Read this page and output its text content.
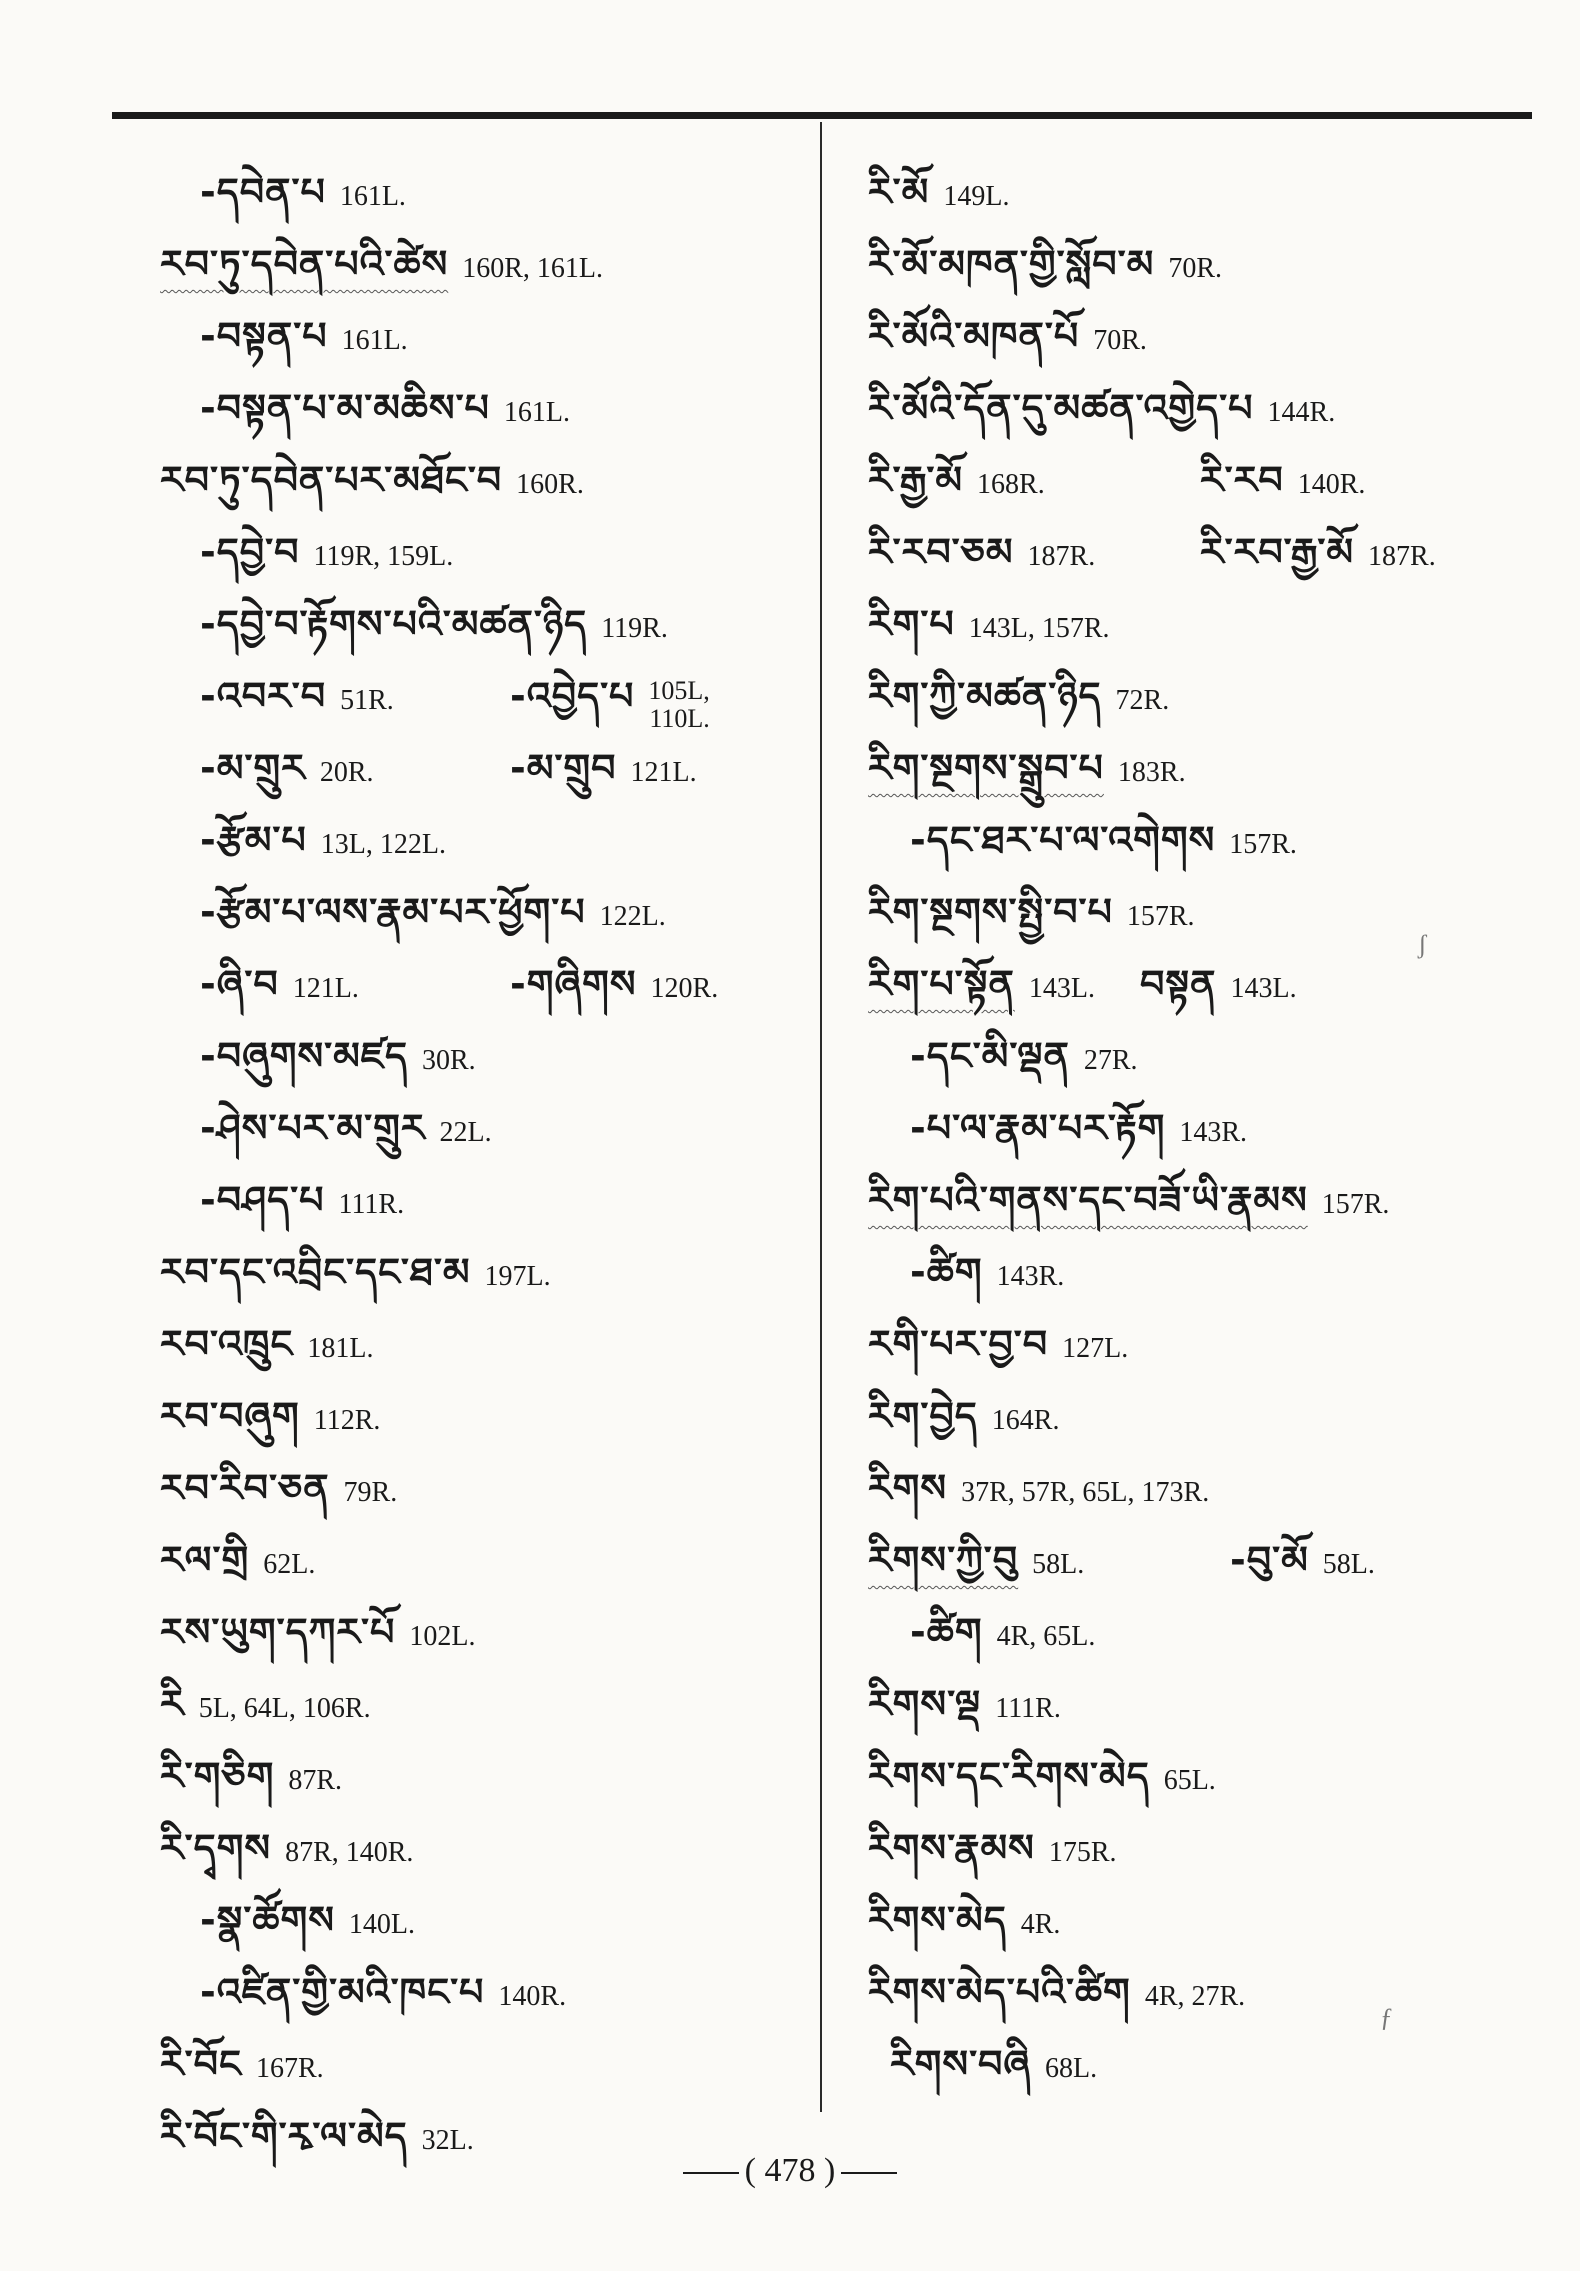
-དབེན་པ 161L.
རབ་ཏུ་དབེན་པའི་ཚེས 160R, 161L.
-བསྟན་པ 161L.
-བསྟན་པ་མ་མཆིས་པ 161L.
རབ་ཏུ་དབེན་པར་མཐོང་བ 160R.
-དབྱེ་བ 119R, 159L.
-དབྱེ་བ་རྟོགས་པའི་མཚན་ཉིད 119R.
-འབར་བ 51R.	-འབྱེད་པ 105L,
110L.
-མ་གྲུར 20R.	-མ་གྲུབ 121L.
-རྩོམ་པ 13L, 122L.
-རྩོམ་པ་ལས་རྣམ་པར་ཕྱོག་པ 122L.
-ཞི་བ 121L.	-གཞིགས 120R.
-བཞུགས་མཛད 30R.
-ཤེས་པར་མ་གྲུར 22L.
-བཤད་པ 111R.
རབ་དང་འབྲིང་དང་ཐ་མ 197L.
རབ་འཁྲུང 181L.
རབ་བཞུག 112R.
རབ་རིབ་ཅན 79R.
རལ་གྲི 62L.
རས་ཡུག་དཀར་པོ 102L.
རི 5L, 64L, 106R.
རི་གཅིག 87R.
རི་དྭགས 87R, 140R.
-སྣ་ཚོགས 140L.
-འཛིན་གྱི་མའི་ཁང་པ 140R.
རི་བོང 167R.
རི་བོང་གི་རྭ་ལ་མེད 32L.
རི་མོ 149L.
རི་མོ་མཁན་གྱི་སློབ་མ 70R.
རི་མོའི་མཁན་པོ 70R.
རི་མོའི་དོན་དུ་མཚན་འགྱེད་པ 144R.
རི་རྒྱ་མོ 168R.	རི་རབ 140R.
རི་རབ་ཅམ 187R.	རི་རབ་རྒྱ་མོ 187R.
རིག་པ 143L, 157R.
རིག་ཀྱི་མཚན་ཉིད 72R.
རིག་སྔགས་སྒྲུབ་པ 183R.
-དང་ཐར་པ་ལ་འགེགས 157R.
རིག་སྔགས་སྤྱི་བ་པ 157R.
རིག་པ་སྟོན 143L. བསྟན 143L.
-དང་མི་ལྡན 27R.
-པ་ལ་རྣམ་པར་རྟོག 143R.
རིག་པའི་གནས་དང་བཟོ་ཡི་རྣམས 157R.
-ཚིག 143R.
རགི་པར་བྱ་བ 127L.
རིག་བྱེད 164R.
རིགས 37R, 57R, 65L, 173R.
རིགས་ཀྱི་བུ 58L.	-བུ་མོ 58L.
-ཚིག 4R, 65L.
རིགས་ལྡ 111R.
རིགས་དང་རིགས་མེད 65L.
རིགས་རྣམས 175R.
རིགས་མེད 4R.
རིགས་མེད་པའི་ཚིག 4R, 27R.
རིགས་བཞི 68L.
( 478 )
ʃ
ƒ
